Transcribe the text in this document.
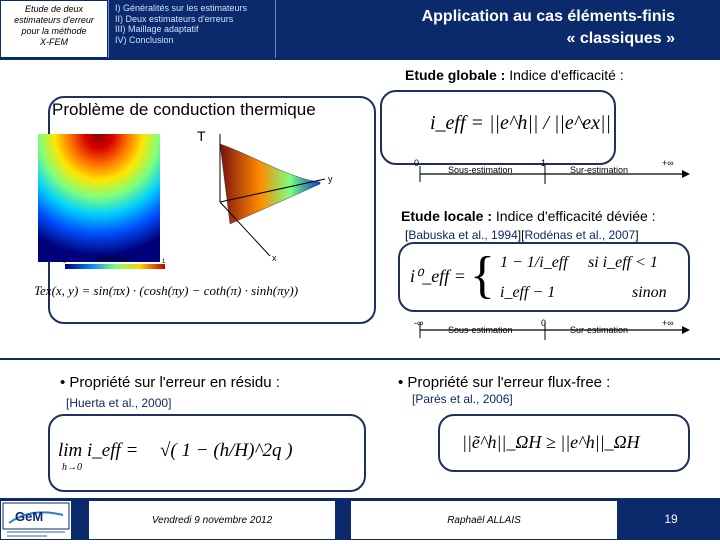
Etude de deux
estimateurs d'erreur
pour la méthode
X-FEM
I) Généralités sur les estimateurs
II) Deux estimateurs d'erreurs
III) Maillage adaptatif
IV) Conclusion
Application au cas éléments-finis
« classiques »
Problème de conduction thermique
T
y
x
Temperature
0	1
Tex(x, y) = sin(πx) · (cosh(πy) − coth(π) · sinh(πy))
Etude globale : Indice d'efficacité :
i_eff = ||e^h|| / ||e^ex||
0
Sous-estimation
1
Sur-estimation
+∞
Etude locale : Indice d'efficacité déviée :
[Babuska et al., 1994][Rodénas et al., 2007]
i⁰_eff = { 1 − 1/i_eff si i_eff < 1
i_eff − 1	sinon
-∞
Sous-estimation
0
Sur-estimation
+∞
• Propriété sur l'erreur en résidu :
[Huerta et al., 2000]
lim i_eff =
h→0
√( 1 − (h/H)^2q )
• Propriété sur l'erreur flux-free :
[Parés et al., 2006]
||ẽ^h||_ΩH ≥ ||e^h||_ΩH
GeM	Vendredi 9 novembre 2012	Raphaël ALLAIS	19
